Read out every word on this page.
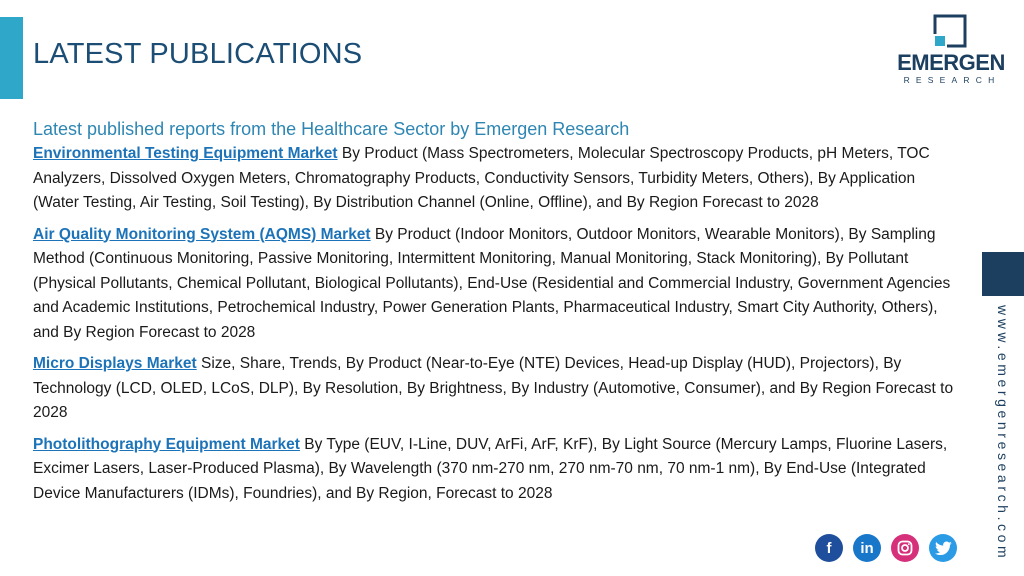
LATEST PUBLICATIONS	EMERGEN
RESEARCH
www.emergenresearch.com

Latest published reports from the Healthcare Sector by Emergen Research

Environmental Testing Equipment Market By Product (Mass Spectrometers, Molecular Spectroscopy Products, pH Meters, TOC Analyzers, Dissolved Oxygen Meters, Chromatography Products, Conductivity Sensors, Turbidity Meters, Others), By Application (Water Testing, Air Testing, Soil Testing), By Distribution Channel (Online, Offline), and By Region Forecast to 2028

Air Quality Monitoring System (AQMS) Market By Product (Indoor Monitors, Outdoor Monitors, Wearable Monitors), By Sampling Method (Continuous Monitoring, Passive Monitoring, Intermittent Monitoring, Manual Monitoring, Stack Monitoring), By Pollutant (Physical Pollutants, Chemical Pollutant, Biological Pollutants), End-Use (Residential and Commercial Industry, Government Agencies and Academic Institutions, Petrochemical Industry, Power Generation Plants, Pharmaceutical Industry, Smart City Authority, Others), and By Region Forecast to 2028

Micro Displays Market Size, Share, Trends, By Product (Near-to-Eye (NTE) Devices, Head-up Display (HUD), Projectors), By Technology (LCD, OLED, LCoS, DLP), By Resolution, By Brightness, By Industry (Automotive, Consumer), and By Region Forecast to 2028

Photolithography Equipment Market By Type (EUV, I-Line, DUV, ArFi, ArF, KrF), By Light Source (Mercury Lamps, Fluorine Lasers, Excimer Lasers, Laser-Produced Plasma), By Wavelength (370 nm-270 nm, 270 nm-70 nm, 70 nm-1 nm), By End-Use (Integrated Device Manufacturers (IDMs), Foundries), and By Region, Forecast to 2028

f in
